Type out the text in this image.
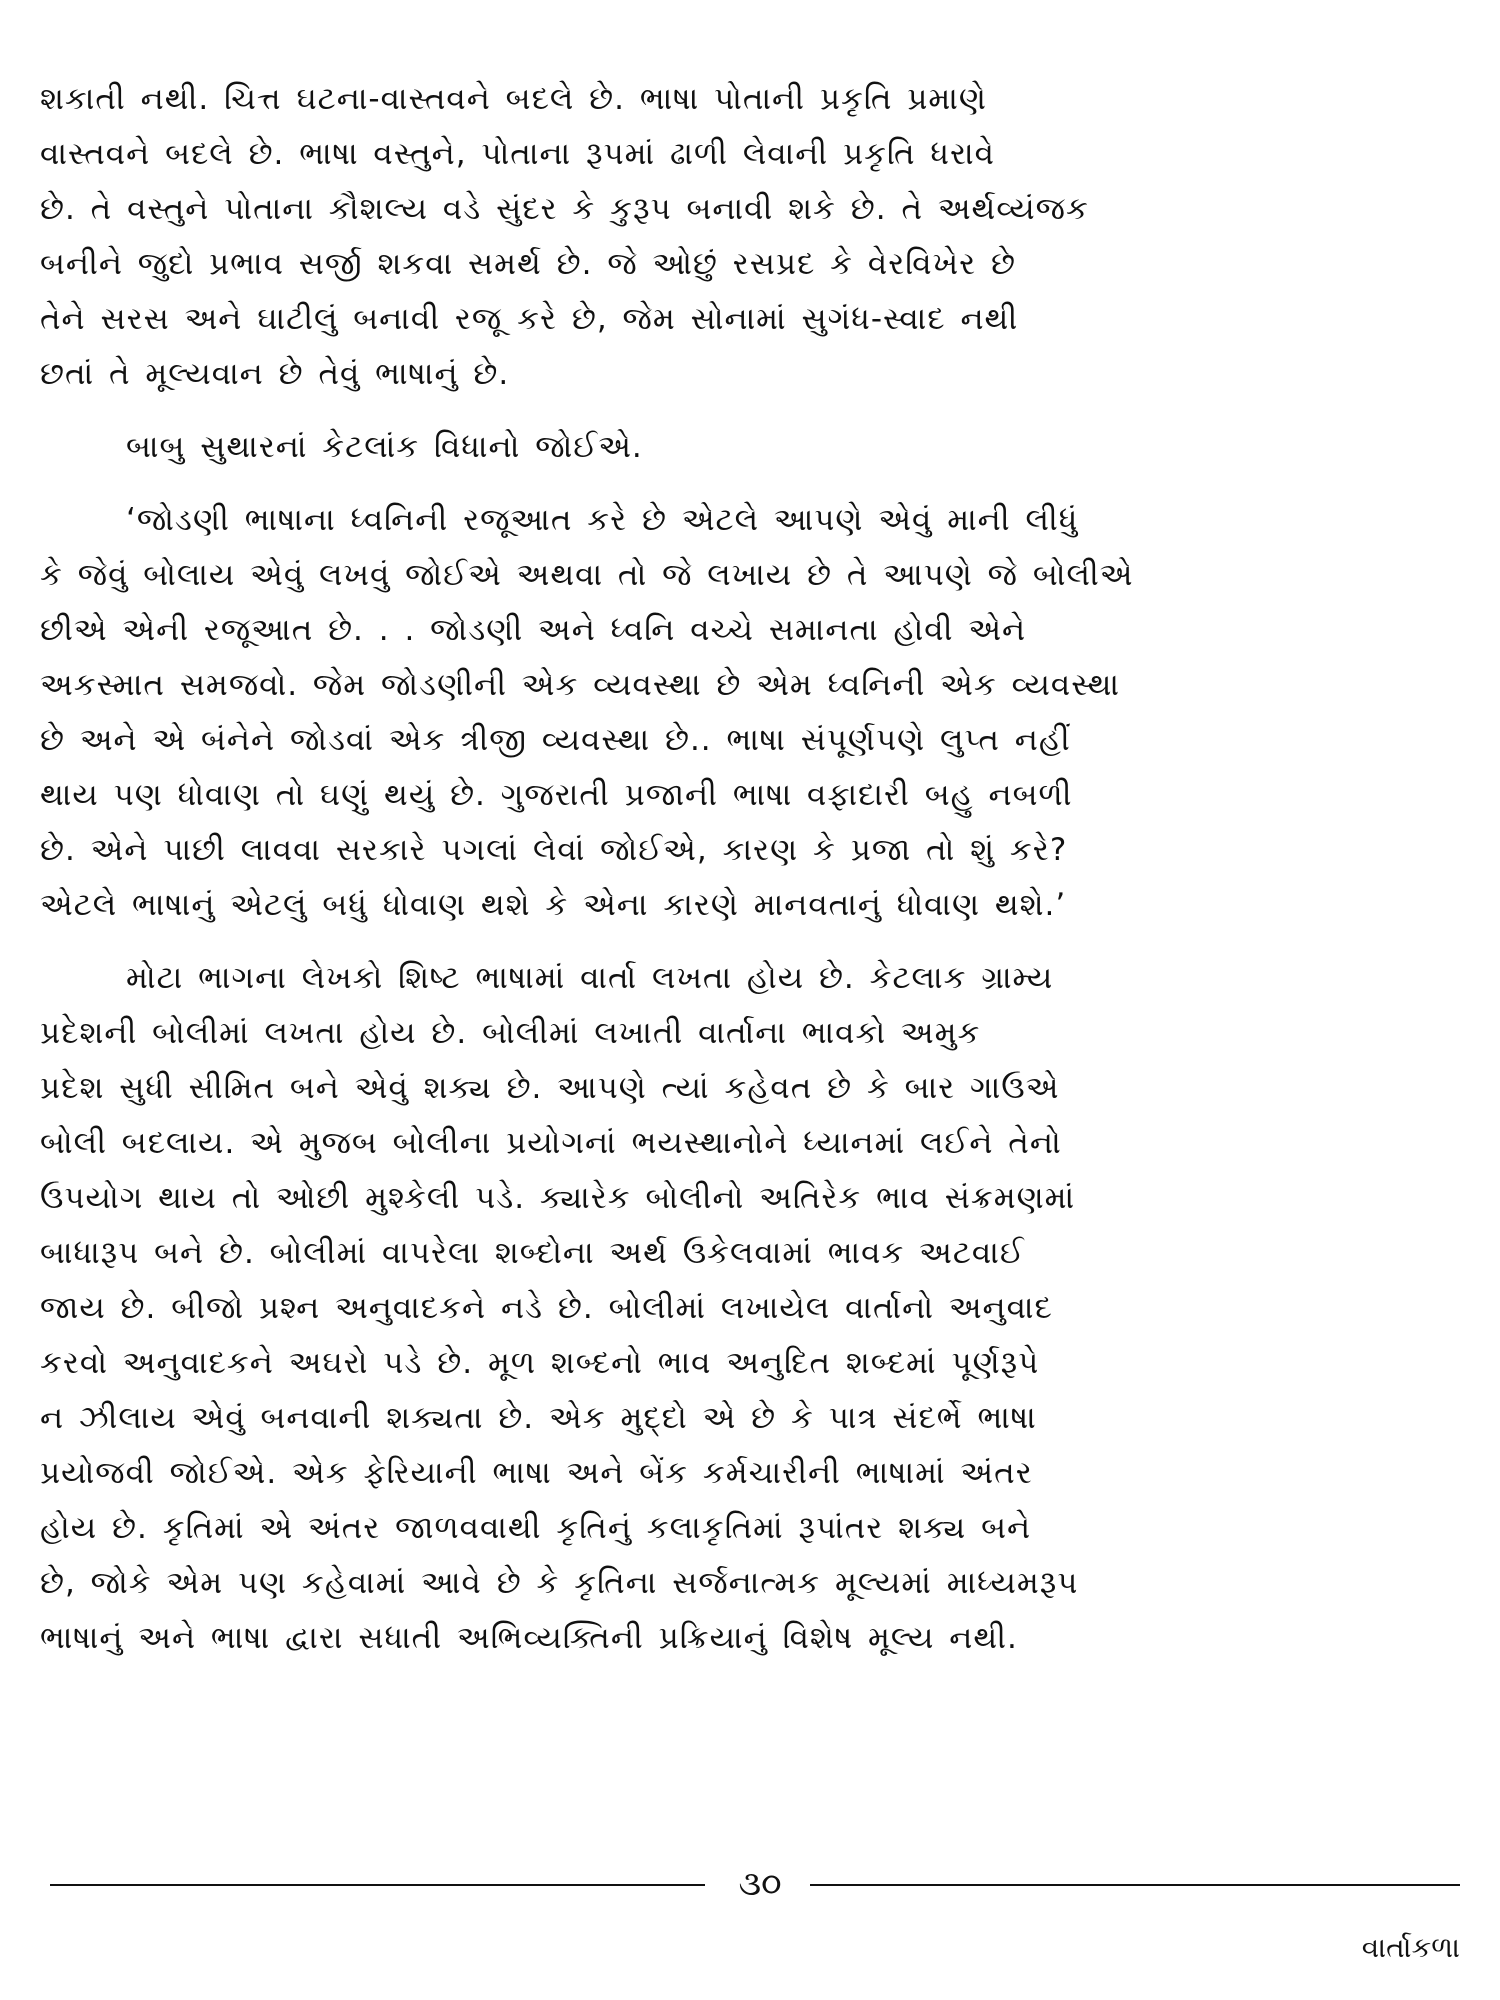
શકાતી નથી. ચિત્ત ઘટના-વાસ્તવને બદલે છે. ભાષા પોતાની પ્રકૃતિ પ્રમાણે
વાસ્તવને બદલે છે. ભાષા વસ્તુને, પોતાના રૂપમાં ઢાળી લેવાની પ્રકૃતિ ધરાવે
છે. તે વસ્તુને પોતાના કૌશલ્ય વડે સુંદર કે કુરૂપ બનાવી શકે છે. તે અર્થવ્યંજક
બનીને જુદો પ્રભાવ સર્જી શકવા સમર્થ છે. જે ઓછું રસપ્રદ કે વેરવિખેર છે
તેને સરસ અને ઘાટીલું બનાવી રજૂ કરે છે, જેમ સોનામાં સુગંધ-સ્વાદ નથી
છતાં તે મૂલ્યવાન છે તેવું ભાષાનું છે.
બાબુ સુથારનાં કેટલાંક વિધાનો જોઈએ.
‘જોડણી ભાષાના ધ્વનિની રજૂઆત કરે છે એટલે આપણે એવું માની લીધું
કે જેવું બોલાય એવું લખવું જોઈએ અથવા તો જે લખાય છે તે આપણે જે બોલીએ
છીએ એની રજૂઆત છે. . . જોડણી અને ધ્વનિ વચ્ચે સમાનતા હોવી એને
અકસ્માત સમજવો. જેમ જોડણીની એક વ્યવસ્થા છે એમ ધ્વનિની એક વ્યવસ્થા
છે અને એ બંનેને જોડવાં એક ત્રીજી વ્યવસ્થા છે.. ભાષા સંપૂર્ણપણે લુપ્ત નહીં
થાય પણ ધોવાણ તો ઘણું થયું છે. ગુજરાતી પ્રજાની ભાષા વફાદારી બહુ નબળી
છે. એને પાછી લાવવા સરકારે પગલાં લેવાં જોઈએ, કારણ કે પ્રજા તો શું કરે?
એટલે ભાષાનું એટલું બધું ધોવાણ થશે કે એના કારણે માનવતાનું ધોવાણ થશે.’
મોટા ભાગના લેખકો શિષ્ટ ભાષામાં વાર્તા લખતા હોય છે. કેટલાક ગ્રામ્ય
પ્રદેશની બોલીમાં લખતા હોય છે. બોલીમાં લખાતી વાર્તાના ભાવકો અમુક
પ્રદેશ સુધી સીમિત બને એવું શક્ય છે. આપણે ત્યાં કહેવત છે કે બાર ગાઉએ
બોલી બદલાય. એ મુજબ બોલીના પ્રયોગનાં ભયસ્થાનોને ધ્યાનમાં લઈને તેનો
ઉપયોગ થાય તો ઓછી મુશ્કેલી પડે. ક્યારેક બોલીનો અતિરેક ભાવ સંક્રમણમાં
બાધારૂપ બને છે. બોલીમાં વાપરેલા શબ્દોના અર્થ ઉકેલવામાં ભાવક અટવાઈ
જાય છે. બીજો પ્રશ્ન અનુવાદકને નડે છે. બોલીમાં લખાયેલ વાર્તાનો અનુવાદ
કરવો અનુવાદકને અઘરો પડે છે. મૂળ શબ્દનો ભાવ અનુદિત શબ્દમાં પૂર્ણરૂપે
ન ઝીલાય એવું બનવાની શક્યતા છે. એક મુદ્દો એ છે કે પાત્ર સંદર્ભે ભાષા
પ્રયોજવી જોઈએ. એક ફેરિયાની ભાષા અને બેંક કર્મચારીની ભાષામાં અંતર
હોય છે. કૃતિમાં એ અંતર જાળવવાથી કૃતિનું કલાકૃતિમાં રૂપાંતર શક્ય બને
છે, જોકે એમ પણ કહેવામાં આવે છે કે કૃતિના સર્જનાત્મક મૂલ્યમાં માધ્યમરૂપ
ભાષાનું અને ભાષા દ્વારા સધાતી અભિવ્યક્તિની પ્રક્રિયાનું વિશેષ મૂલ્ય નથી.
૩૦
વાર્તાકળા
